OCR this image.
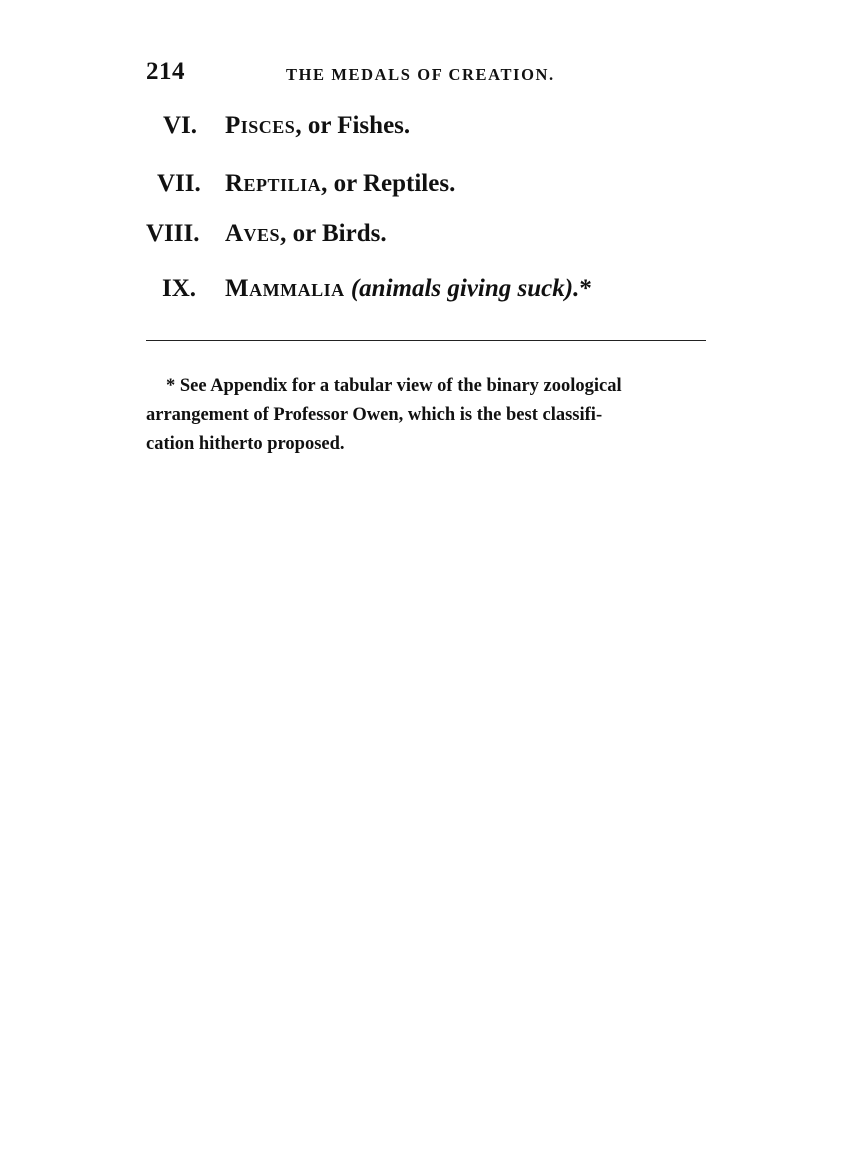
214	THE MEDALS OF CREATION.
VI. Pisces, or Fishes.
VII. Reptilia, or Reptiles.
VIII. Aves, or Birds.
IX. Mammalia (animals giving suck).*
* See Appendix for a tabular view of the binary zoological
arrangement of Professor Owen, which is the best classifi-
cation hitherto proposed.
